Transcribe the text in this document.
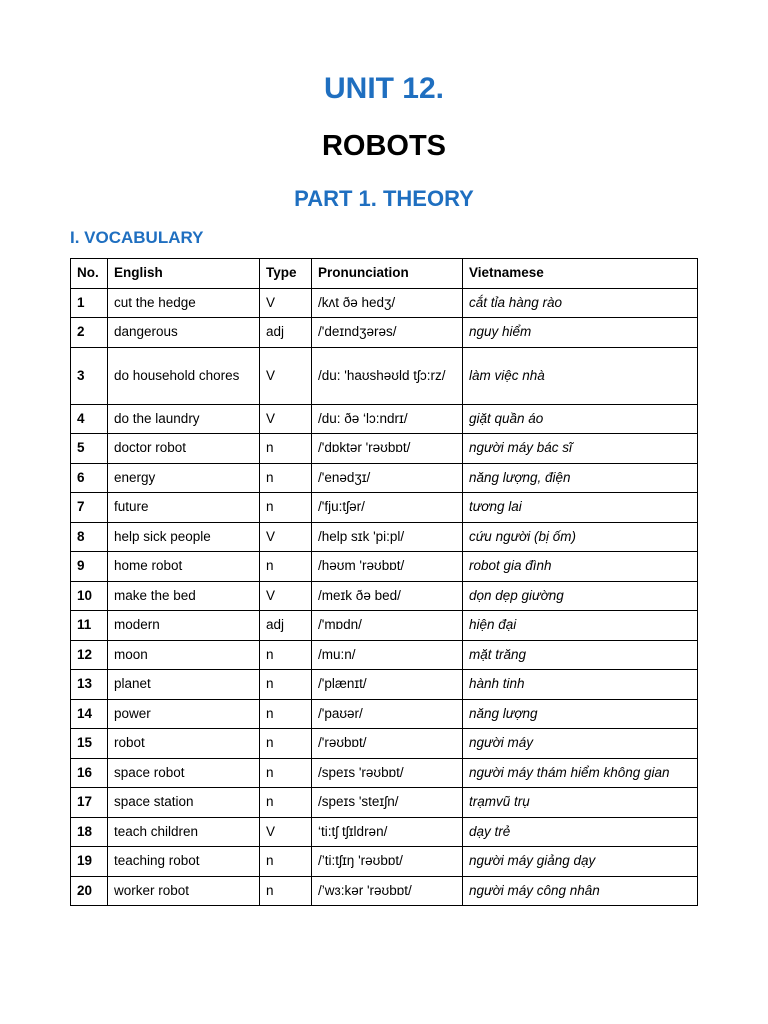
UNIT 12.
ROBOTS
PART 1. THEORY
I. VOCABULARY
No.	English	Type	Pronunciation	Vietnamese
1	cut the hedge	V	/kʌt ðə hedʒ/	cắt tỉa hàng rào
2	dangerous	adj	/'deɪndʒərəs/	nguy hiểm
3	do household chores	V	/du: 'haʊshəʊld tʃɔ:rz/	làm việc nhà
4	do the laundry	V	/du: ðə ‘lɔ:ndrɪ/	giặt quần áo
5	doctor robot	n	/'dɒktər 'rəʊbɒt/	người máy bác sĩ
6	energy	n	/'enədʒɪ/	năng lượng, điện
7	future	n	/'fju:tʃər/	tương lai
8	help sick people	V	/help sɪk 'pi:pl/	cứu người (bị ốm)
9	home robot	n	/həʊm 'rəʊbɒt/	robot gia đình
10	make the bed	V	/meɪk ðə bed/	dọn dẹp giường
11	modern	adj	/'mɒdn/	hiện đại
12	moon	n	/mu:n/	mặt trăng
13	planet	n	/'plænɪt/	hành tinh
14	power	n	/'paʊər/	năng lượng
15	robot	n	/'rəʊbɒt/	người máy
16	space robot	n	/speɪs 'rəʊbɒt/	người máy thám hiểm không gian
17	space station	n	/speɪs 'steɪʃn/	trạmvũ trụ
18	teach children	V	‘ti:tʃ tʃɪldrən/	dạy trẻ
19	teaching robot	n	/’ti:tʃɪŋ 'rəʊbɒt/	người máy giảng dạy
20	worker robot	n	/’wɜ:kər 'rəʊbɒt/	người máy công nhân
